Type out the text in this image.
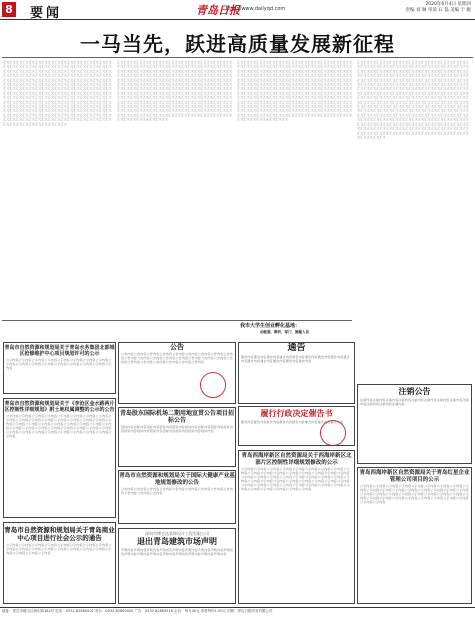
8 要闻	青岛日报
http://www.dailyqd.com
2020年6月4日 星期四
责编 刘 琳 审读 石 磊 美编 于 鲲
一马当先，跃进高质量发展新征程
正文正文正文正文正文正文正文正文正文正文正文正文正文正文正文正文正文正文正文正文正文正文正文正文正文正文正文正文正文正文正文正文正文正文正文正文正文正文正文正文正文正文正文正文正文正文正文正文正文正文正文正文正文正文正文正文正文正文正文正文正文正文正文正文正文正文正文正文正文正文正文正文正文正文正文正文正文正文正文正文正文正文正文正文正文正文正文正文正文正文正文正文正文正文正文正文正文正文正文正文正文正文正文正文正文正文正文正文正文正文正文正文正文正文正文正文正文正文正文正文正文正文正文正文正文正文正文正文正文正文正文正文正文正文正文正文正文正文正文正文正文正文正文正文正文正文正文正文正文正文正文正文正文正文正文正文正文正文正文正文正文正文正文正文正文正文正文正文正文正文正文正文正文正文正文正文正文正文正文正文正文正文正文正文正文正文正文正文正文正文正文正文正文正文正文正文正文正文正文正文正文正文正文正文正文正文正文正文正文正文正文正文正文正文正文正文正文正文正文正文正文正文正文正文正文正文正文正文正文正文正文正文正文正文正文正文正文正文正文正文正文正文正文正文正文正文正文正文
正文正文正文正文正文正文正文正文正文正文正文正文正文正文正文正文正文正文正文正文正文正文正文正文正文正文正文正文正文正文正文正文正文正文正文正文正文正文正文正文正文正文正文正文正文正文正文正文正文正文正文正文正文正文正文正文正文正文正文正文正文正文正文正文正文正文正文正文正文正文正文正文正文正文正文正文正文正文正文正文正文正文正文正文正文正文正文正文正文正文正文正文正文正文正文正文正文正文正文正文正文正文正文正文正文正文正文正文正文正文正文正文正文正文正文正文正文正文正文正文正文正文正文正文正文正文正文正文正文正文正文正文正文正文正文正文正文正文正文正文正文正文正文正文正文正文正文正文正文正文正文正文正文正文正文正文正文正文正文正文正文正文正文正文正文正文正文正文正文正文正文正文正文正文正文正文正文正文正文正文正文正文正文正文正文正文正文正文正文正文正文正文正文正文正文正文正文正文正文正文正文正文正文正文正文正文正文正文正文正文正文正文正文正文正文正文正文正文正文正文正文正文正文正文正文正文正文正文正文正文正文正文正文正文正文正文正文正文正文正文正文正文
正文正文正文正文正文正文正文正文正文正文正文正文正文正文正文正文正文正文正文正文正文正文正文正文正文正文正文正文正文正文正文正文正文正文正文正文正文正文正文正文正文正文正文正文正文正文正文正文正文正文正文正文正文正文正文正文正文正文正文正文正文正文正文正文正文正文正文正文正文正文正文正文正文正文正文正文正文正文正文正文正文正文正文正文正文正文正文正文正文正文正文正文正文正文正文正文正文正文正文正文正文正文正文正文正文正文正文正文正文正文正文正文正文正文正文正文正文正文正文正文正文正文正文正文正文正文正文正文正文正文正文正文正文正文正文正文正文正文正文正文正文正文正文正文正文正文正文正文正文正文正文正文正文正文正文正文正文正文正文正文正文正文正文正文正文正文正文正文正文正文正文正文正文正文正文正文正文正文正文正文正文正文正文正文正文正文正文正文正文正文正文正文正文正文正文正文正文正文正文正文正文正文正文正文正文正文正文正文正文正文正文正文正文正文正文正文正文正文正文正文正文正文正文正文正文正文正文正文正文正文正文正文正文正文正文正文正文正文正文正文正文正文
正文正文正文正文正文正文正文正文正文正文正文正文正文正文正文正文正文正文正文正文正文正文正文正文正文正文正文正文正文正文正文正文正文正文正文正文正文正文正文正文正文正文正文正文正文正文正文正文正文正文正文正文正文正文正文正文正文正文正文正文正文正文正文正文正文正文正文正文正文正文正文正文正文正文正文正文正文正文正文正文正文正文正文正文正文正文正文正文正文正文正文正文正文正文正文正文正文正文正文正文正文正文正文正文正文正文正文正文正文正文正文正文正文正文正文正文正文正文正文正文正文正文正文正文正文正文正文正文正文正文正文正文正文正文正文正文正文正文正文正文正文正文正文正文正文正文正文正文正文正文正文正文正文正文正文正文正文正文正文正文正文正文正文正文正文正文正文正文正文正文正文正文正文正文正文正文正文正文正文正文正文正文正文正文正文正文正文正文正文正文正文正文正文正文正文正文正文正文正文正文正文正文正文正文正文正文正文正文正文正文正文正文正文正文正文正文正文正文正文正文正文正文正文正文正文正文正文正文正文正文正文正文正文正文正文正文正文正文正文正文正文正文正文正文正文正文正文正文正文正文正文正文正文正文正文正文正文正文正文正文正文正文正文正文正文正文正文正文正文正文正文正文正文正文正文正文正文正文正文正文正文正文正文正文正文正文正文正文正文正文正文正文正文正文正文正文正文正文正文正文正文正文
我市大学生创业孵化基地：
动能强、辨析、部门、测量人员
青岛市自然资源和规划局关于青岛水务集团北部城区抢修维护中心项目规划许可的公示
公示内容公示内容公示内容公示内容公示内容公示内容公示内容公示内容公示内容公示内容公示内容公示内容公示内容公示内容公示内容公示内容公示内容
青岛市自然资源和规划局关于《李沧区金水路两片区控制性详细规划》附土地权属调整的公示的公告
公示内容公示内容公示内容公示内容公示内容公示内容公示内容公示内容公示内容公示内容公示内容公示内容公示内容公示内容公示内容公示内容公示内容公示内容公示内容公示内容公示内容公示内容公示内容公示内容公示内容公示内容公示内容公示内容公示内容公示内容公示内容公示内容公示内容公示内容公示内容公示内容公示内容公示内容公示内容公示内容公示内容公示内容
青岛市自然资源和规划局关于青岛商业中心项目进行社会公示的通告
公示内容公示内容公示内容公示内容公示内容公示内容公示内容公示内容公示内容公示内容公示内容公示内容公示内容公示内容公示内容公示内容公示内容公示内容公示内容公示内容
公告
公告内容公告内容公告内容公告内容公告内容公告内容公告内容公告内容公告内容公告内容公告内容公告内容公告内容公告内容公告内容公告内容公告内容公告内容公告内容公告内容公告内容公告内容公告内容公告内容
青岛股东国际机场二期用地宣贯公告项目招标公告
招标内容招标内容招标内容招标内容招标内容招标内容招标内容招标内容招标内容招标内容招标内容招标内容招标内容招标内容招标内容招标内容
青岛市自然资源和规划局关于国际大健康产业基地规划修改的公告
公告内容公告内容公告内容公告内容公告内容公告内容公告内容公告内容公告内容公告内容公告内容公告内容
深圳市博艺达装饰设计工程有限公司
退出青岛建筑市场声明
声明内容声明内容声明内容声明内容声明内容声明内容声明内容声明内容声明内容声明内容声明内容声明内容声明内容声明内容声明内容声明内容声明内容
通告
通告内容通告内容通告内容通告内容通告内容通告内容通告内容通告内容通告内容通告内容通告内容通告内容通告内容通告内容
履行行政决定催告书
催告内容催告内容催告内容催告内容催告内容催告内容催告内容催告内容
青岛西海岸新区自然资源局关于西海岸新区北部片区控制性详细规划修改的公示
公示内容公示内容公示内容公示内容公示内容公示内容公示内容公示内容公示内容公示内容公示内容公示内容公示内容公示内容公示内容公示内容公示内容公示内容公示内容公示内容公示内容公示内容公示内容公示内容公示内容公示内容公示内容公示内容公示内容公示内容公示内容公示内容公示内容公示内容公示内容公示内容公示内容公示内容公示内容公示内容公示内容公示内容公示内容公示内容公示内容公示内容公示内容公示内容
注销公告
注销内容注销内容注销内容注销内容注销内容注销内容注销内容注销内容注销内容注销内容注销内容注销内容
青岛西海岸新区自然资源局关于青岛红星企业管理公司项目的公示
公示内容公示内容公示内容公示内容公示内容公示内容公示内容公示内容公示内容公示内容公示内容公示内容公示内容公示内容公示内容公示内容公示内容公示内容公示内容公示内容公示内容公示内容公示内容公示内容公示内容公示内容公示内容公示内容公示内容公示内容公示内容公示内容公示内容公示内容公示内容公示内容
地址：青岛市崂山区海尔路182号 电话：0532-82860001 发行：0532-82860000 广告：0532-82865516 定价：每月40元 零售每份1.50元 印刷：青岛日报印务有限公司
